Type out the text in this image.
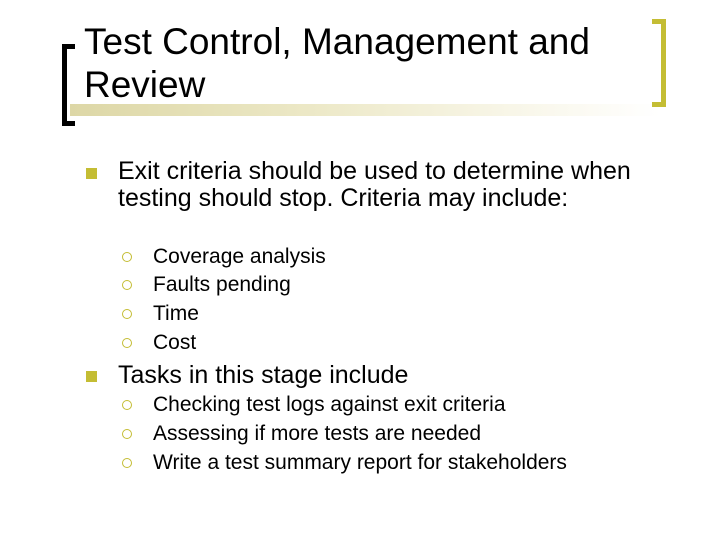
Test Control, Management and Review
Exit criteria should be used to determine when testing should stop. Criteria may include:
Coverage analysis
Faults pending
Time
Cost
Tasks in this stage include
Checking test logs against exit criteria
Assessing if more tests are needed
Write a test summary report for stakeholders
